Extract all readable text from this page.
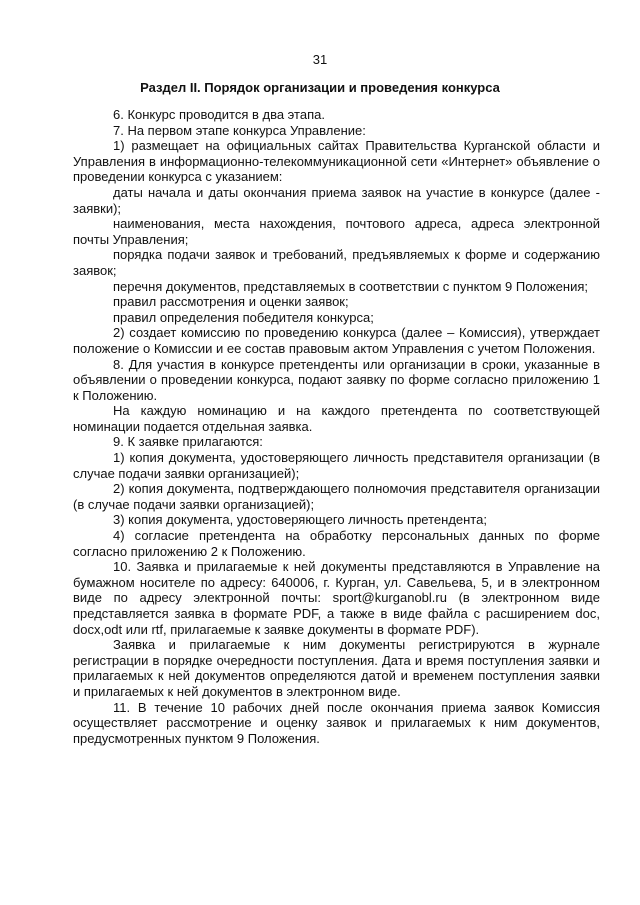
31
Раздел II. Порядок организации и проведения конкурса

6. Конкурс проводится в два этапа.

7. На первом этапе конкурса Управление:

1) размещает на официальных сайтах Правительства Курганской области и Управления в информационно-телекоммуникационной сети «Интернет» объявление о проведении конкурса с указанием:

даты начала и даты окончания приема заявок на участие в конкурсе (далее - заявки);

наименования, места нахождения, почтового адреса, адреса электронной почты Управления;

порядка подачи заявок и требований, предъявляемых к форме и содержанию заявок;

перечня документов, представляемых в соответствии с пунктом 9 Положения;

правил рассмотрения и оценки заявок;

правил определения победителя конкурса;

2) создает комиссию по проведению конкурса (далее – Комиссия), утверждает положение о Комиссии и ее состав правовым актом Управления с учетом Положения.

8. Для участия в конкурсе претенденты или организации в сроки, указанные в объявлении о проведении конкурса, подают заявку по форме согласно приложению 1 к Положению.

На каждую номинацию и на каждого претендента по соответствующей номинации подается отдельная заявка.

9. К заявке прилагаются:

1) копия документа, удостоверяющего личность представителя организации (в случае подачи заявки организацией);

2) копия документа, подтверждающего полномочия представителя организации (в случае подачи заявки организацией);

3) копия документа, удостоверяющего личность претендента;

4) согласие претендента на обработку персональных данных по форме согласно приложению 2 к Положению.

10. Заявка и прилагаемые к ней документы представляются в Управление на бумажном носителе по адресу: 640006, г. Курган, ул. Савельева, 5, и в электронном виде по адресу электронной почты: sport@kurganobl.ru (в электронном виде представляется заявка в формате PDF, а также в виде файла с расширением doc, docx,odt или rtf, прилагаемые к заявке документы в формате PDF).

Заявка и прилагаемые к ним документы регистрируются в журнале регистрации в порядке очередности поступления. Дата и время поступления заявки и прилагаемых к ней документов определяются датой и временем поступления заявки и прилагаемых к ней документов в электронном виде.

11. В течение 10 рабочих дней после окончания приема заявок Комиссия осуществляет рассмотрение и оценку заявок и прилагаемых к ним документов, предусмотренных пунктом 9 Положения.
